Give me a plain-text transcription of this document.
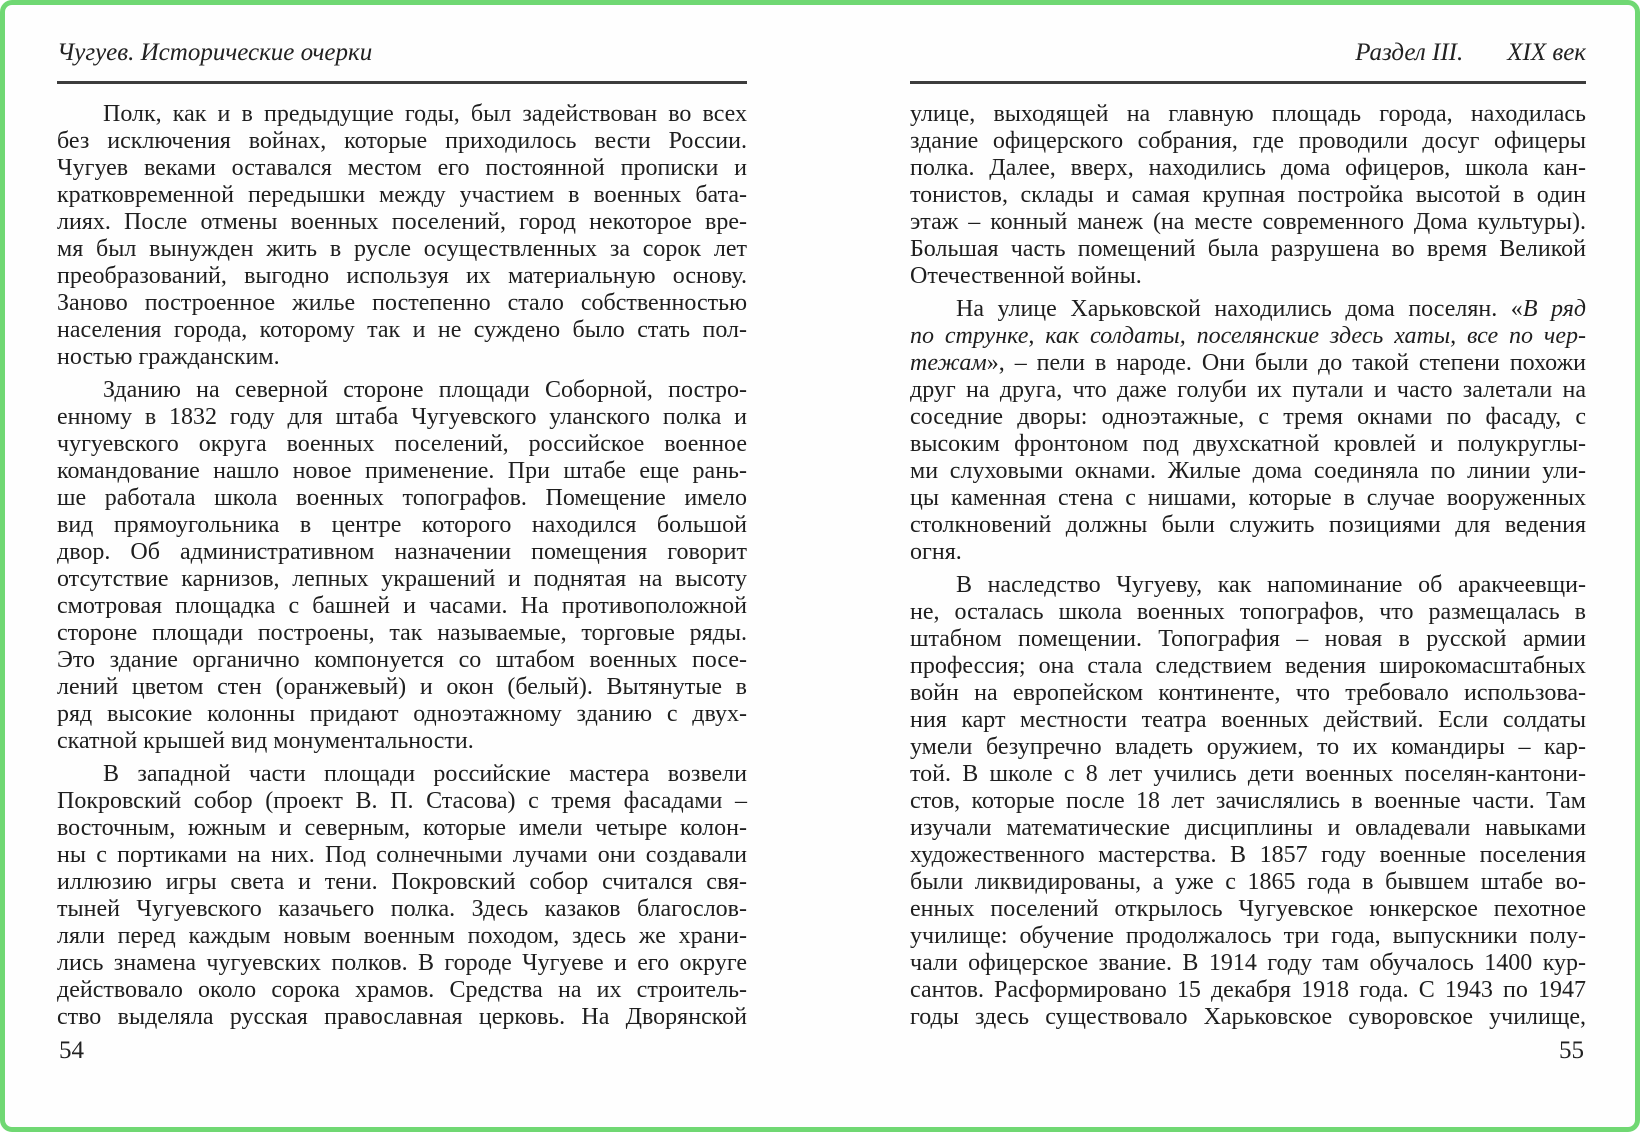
Чугуев. Исторические очерки
Полк, как и в предыдущие годы, был задействован во всех
без исключения войнах, которые приходилось вести России.
Чугуев веками оставался местом его постоянной прописки и
кратковременной передышки между участием в военных бата-
лиях. После отмены военных поселений, город некоторое вре-
мя был вынужден жить в русле осуществленных за сорок лет
преобразований, выгодно используя их материальную основу.
Заново построенное жилье постепенно стало собственностью
населения города, которому так и не суждено было стать пол-
ностью гражданским.
Зданию на северной стороне площади Соборной, постро-
енному в 1832 году для штаба Чугуевского уланского полка и
чугуевского округа военных поселений, российское военное
командование нашло новое применение. При штабе еще рань-
ше работала школа военных топографов. Помещение имело
вид прямоугольника в центре которого находился большой
двор. Об административном назначении помещения говорит
отсутствие карнизов, лепных украшений и поднятая на высоту
смотровая площадка с башней и часами. На противоположной
стороне площади построены, так называемые, торговые ряды.
Это здание органично компонуется со штабом военных посе-
лений цветом стен (оранжевый) и окон (белый). Вытянутые в
ряд высокие колонны придают одноэтажному зданию с двух-
скатной крышей вид монументальности.
В западной части площади российские мастера возвели
Покровский собор (проект В. П. Стасова) с тремя фасадами –
восточным, южным и северным, которые имели четыре колон-
ны с портиками на них. Под солнечными лучами они создавали
иллюзию игры света и тени. Покровский собор считался свя-
тыней Чугуевского казачьего полка. Здесь казаков благослов-
ляли перед каждым новым военным походом, здесь же храни-
лись знамена чугуевских полков. В городе Чугуеве и его округе
действовало около сорока храмов. Средства на их строитель-
ство выделяла русская православная церковь. На Дворянской
54
Раздел III. XIX век
улице, выходящей на главную площадь города, находилась
здание офицерского собрания, где проводили досуг офицеры
полка. Далее, вверх, находились дома офицеров, школа кан-
тонистов, склады и самая крупная постройка высотой в один
этаж – конный манеж (на месте современного Дома культуры).
Большая часть помещений была разрушена во время Великой
Отечественной войны.
На улице Харьковской находились дома поселян. «В ряд
по струнке, как солдаты, поселянские здесь хаты, все по чер-
тежам», – пели в народе. Они были до такой степени похожи
друг на друга, что даже голуби их путали и часто залетали на
соседние дворы: одноэтажные, с тремя окнами по фасаду, с
высоким фронтоном под двухскатной кровлей и полукруглы-
ми слуховыми окнами. Жилые дома соединяла по линии ули-
цы каменная стена с нишами, которые в случае вооруженных
столкновений должны были служить позициями для ведения
огня.
В наследство Чугуеву, как напоминание об аракчеевщи-
не, осталась школа военных топографов, что размещалась в
штабном помещении. Топография – новая в русской армии
профессия; она стала следствием ведения широкомасштабных
войн на европейском континенте, что требовало использова-
ния карт местности театра военных действий. Если солдаты
умели безупречно владеть оружием, то их командиры – кар-
той. В школе с 8 лет учились дети военных поселян-кантони-
стов, которые после 18 лет зачислялись в военные части. Там
изучали математические дисциплины и овладевали навыками
художественного мастерства. В 1857 году военные поселения
были ликвидированы, а уже с 1865 года в бывшем штабе во-
енных поселений открылось Чугуевское юнкерское пехотное
училище: обучение продолжалось три года, выпускники полу-
чали офицерское звание. В 1914 году там обучалось 1400 кур-
сантов. Расформировано 15 декабря 1918 года. С 1943 по 1947
годы здесь существовало Харьковское суворовское училище,
55
